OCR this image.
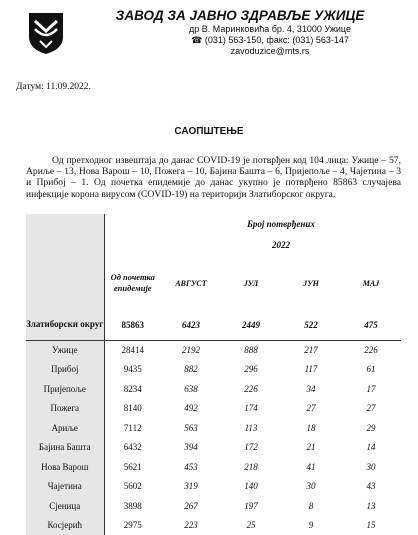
ЗАВОД ЗА ЈАВНО ЗДРАВЉЕ УЖИЦЕ
др В. Маринковића бр. 4, 31000 Ужице
☎ (031) 563-150, факс: (031) 563-147
zavoduzice@mts.rs
Датум: 11.09.2022.
САОПШТЕЊЕ
Од претходног извештаја до данас COVID-19 је потврђен код 104 лица: Ужице – 57, Ариље – 13, Нова Варош – 10, Пожега – 10, Бајина Башта – 6, Пријепоље – 4, Чајетина – 3 и Прибој – 1. Од почетка епидемије до данас укупно је потврђено 85863 случајева инфекције корона вирусом (COVID-19) на територији Златиборског округа.
		Број потврђених			
		2022			
	Од почетка епидемије	АВГУСТ	ЈУЛ	ЈУН	МАЈ
Златиборски округ	85863	6423	2449	522	475
Ужице	28414	2192	888	217	226
Прибој	9435	882	296	117	61
Пријепоље	8234	638	226	34	17
Пожега	8140	492	174	27	27
Ариље	7112	563	113	18	29
Бајина Башта	6432	394	172	21	14
Нова Варош	5621	453	218	41	30
Чајетина	5602	319	140	30	43
Сјеница	3898	267	197	8	13
Косјерић	2975	223	25	9	15
